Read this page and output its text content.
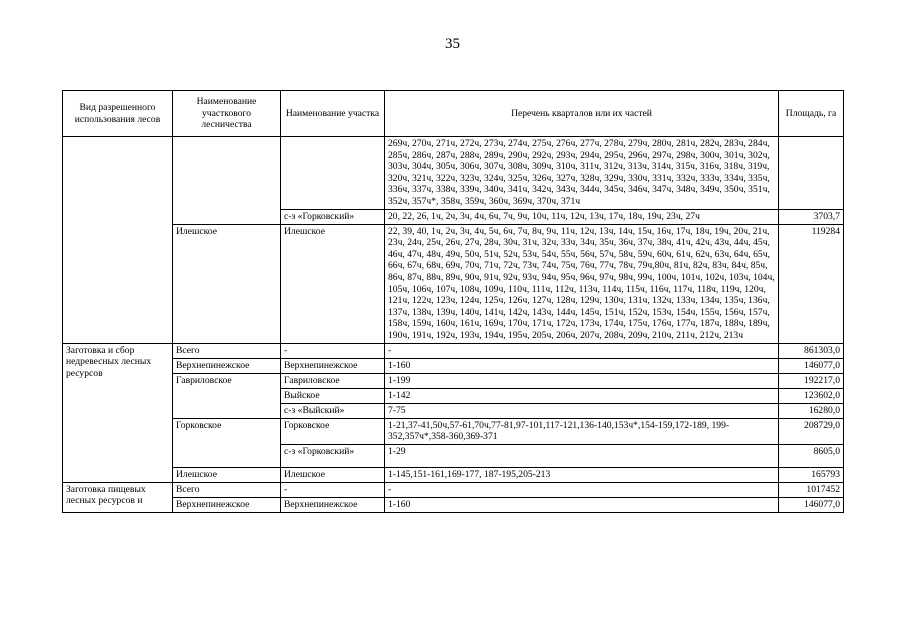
35
Вид разрешенного использования лесов	Наименование участкового лесничества	Наименование участка	Перечень кварталов или их частей	Площадь, га
			269ч, 270ч, 271ч, 272ч, 273ч, 274ч, 275ч, 276ч, 277ч, 278ч, 279ч, 280ч, 281ч, 282ч, 283ч, 284ч, 285ч, 286ч, 287ч, 288ч, 289ч, 290ч, 292ч, 293ч, 294ч, 295ч, 296ч, 297ч, 298ч, 300ч, 301ч, 302ч, 303ч, 304ч, 305ч, 306ч, 307ч, 308ч, 309ч, 310ч, 311ч, 312ч, 313ч, 314ч, 315ч, 316ч, 318ч, 319ч, 320ч, 321ч, 322ч, 323ч, 324ч, 325ч, 326ч, 327ч, 328ч, 329ч, 330ч, 331ч, 332ч, 333ч, 334ч, 335ч, 336ч, 337ч, 338ч, 339ч, 340ч, 341ч, 342ч, 343ч, 344ч, 345ч, 346ч, 347ч, 348ч, 349ч, 350ч, 351ч, 352ч, 357ч*, 358ч, 359ч, 360ч, 369ч, 370ч, 371ч	
		с-з «Горковский»	20, 22, 26, 1ч, 2ч, 3ч, 4ч, 6ч, 7ч, 9ч, 10ч, 11ч, 12ч, 13ч, 17ч, 18ч, 19ч, 23ч, 27ч	3703,7
	Илешское	Илешское	22, 39, 40, 1ч, 2ч, 3ч, 4ч, 5ч, 6ч, 7ч, 8ч, 9ч, 11ч, 12ч, 13ч, 14ч, 15ч, 16ч, 17ч, 18ч, 19ч, 20ч, 21ч, 23ч, 24ч, 25ч, 26ч, 27ч, 28ч, 30ч, 31ч, 32ч, 33ч, 34ч, 35ч, 36ч, 37ч, 38ч, 41ч, 42ч, 43ч, 44ч, 45ч, 46ч, 47ч, 48ч, 49ч, 50ч, 51ч, 52ч, 53ч, 54ч, 55ч, 56ч, 57ч, 58ч, 59ч, 60ч, 61ч, 62ч, 63ч, 64ч, 65ч, 66ч, 67ч, 68ч, 69ч, 70ч, 71ч, 72ч, 73ч, 74ч, 75ч, 76ч, 77ч, 78ч, 79ч,80ч, 81ч, 82ч, 83ч, 84ч, 85ч, 86ч, 87ч, 88ч, 89ч, 90ч, 91ч, 92ч, 93ч, 94ч, 95ч, 96ч, 97ч, 98ч, 99ч, 100ч, 101ч, 102ч, 103ч, 104ч, 105ч, 106ч, 107ч, 108ч, 109ч, 110ч, 111ч, 112ч, 113ч, 114ч, 115ч, 116ч, 117ч, 118ч, 119ч, 120ч, 121ч, 122ч, 123ч, 124ч, 125ч, 126ч, 127ч, 128ч, 129ч, 130ч, 131ч, 132ч, 133ч, 134ч, 135ч, 136ч, 137ч, 138ч, 139ч, 140ч, 141ч, 142ч, 143ч, 144ч, 145ч, 151ч, 152ч, 153ч, 154ч, 155ч, 156ч, 157ч, 158ч, 159ч, 160ч, 161ч, 169ч, 170ч, 171ч, 172ч, 173ч, 174ч, 175ч, 176ч, 177ч, 187ч, 188ч, 189ч, 190ч, 191ч, 192ч, 193ч, 194ч, 195ч, 205ч, 206ч, 207ч, 208ч, 209ч, 210ч, 211ч, 212ч, 213ч	119284
Заготовка и сбор недревесных лесных ресурсов	Всего	-	-	861303,0
	Верхнепинежское	Верхнепинежское	1-160	146077,0
	Гавриловское	Гавриловское	1-199	192217,0
		Выйское	1-142	123602,0
		с-з «Выйский»	7-75	16280,0
	Горковское	Горковское	1-21,37-41,50ч,57-61,70ч,77-81,97-101,117-121,136-140,153ч*,154-159,172-189, 199-352,357ч*,358-360,369-371	208729,0
		с-з «Горковский»	1-29	8605,0
	Илешское	Илешское	1-145,151-161,169-177, 187-195,205-213	165793
Заготовка пищевых лесных ресурсов и	Всего	-	-	1017452
	Верхнепинежское	Верхнепинежское	1-160	146077,0
